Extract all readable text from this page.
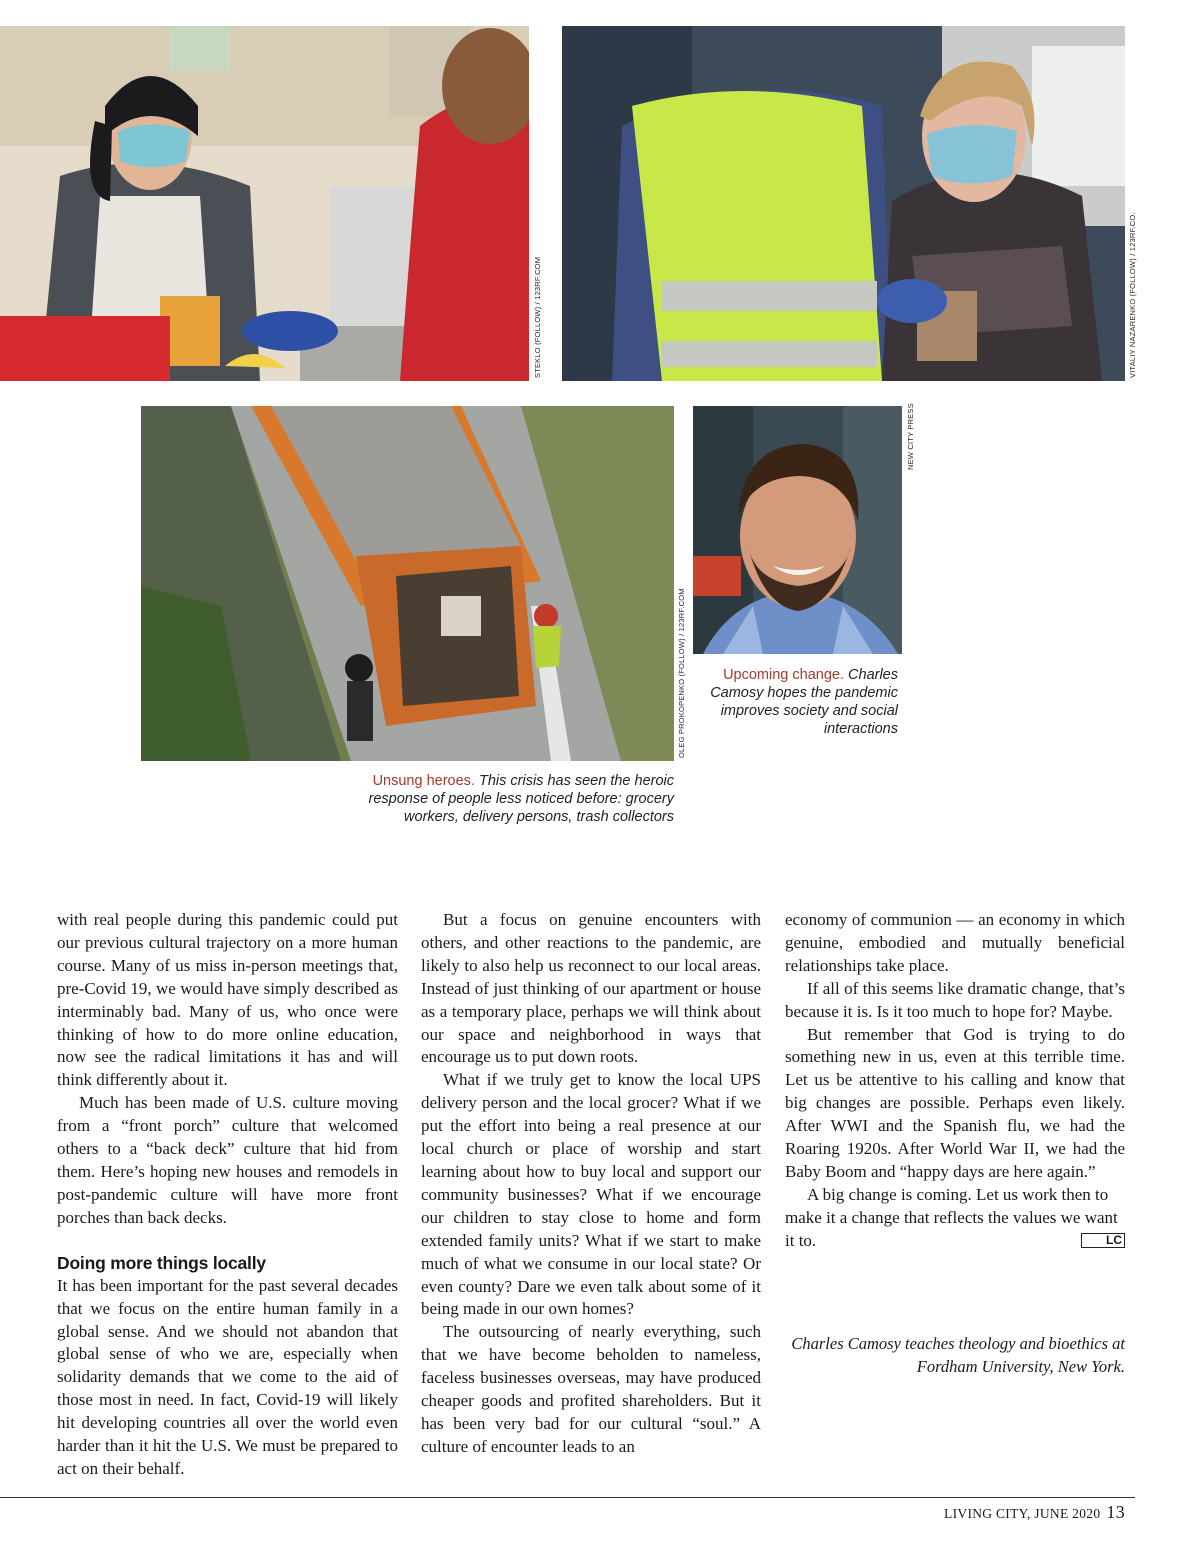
STEKLO (FOLLOW) / 123RF.COM	VITALIY NAZARENKO (FOLLOW) / 123RF.CO.
OLEG PROKOPENKO (FOLLOW) / 123RF.COM
NEW CITY PRESS
Upcoming change. Charles Camosy hopes the pandemic improves society and social interactions
Unsung heroes. This crisis has seen the heroic response of people less noticed before: grocery workers, delivery persons, trash collectors

with real people during this pandemic could put our previous cultural trajectory on a more human course. Many of us miss in-person meetings that, pre-Covid 19, we would have simply described as interminably bad. Many of us, who once were thinking of how to do more online education, now see the radical limitations it has and will think differently about it.

Much has been made of U.S. culture moving from a “front porch” culture that welcomed others to a “back deck” culture that hid from them. Here’s hoping new houses and remodels in post-pandemic culture will have more front porches than back decks.

Doing more things locally

It has been important for the past several decades that we focus on the entire human family in a global sense. And we should not abandon that global sense of who we are, especially when solidarity demands that we come to the aid of those most in need. In fact, Covid-19 will likely hit developing countries all over the world even harder than it hit the U.S. We must be prepared to act on their behalf.

But a focus on genuine encounters with others, and other reactions to the pandemic, are likely to also help us reconnect to our local areas. Instead of just thinking of our apartment or house as a temporary place, perhaps we will think about our space and neighborhood in ways that encourage us to put down roots.

What if we truly get to know the local UPS delivery person and the local grocer? What if we put the effort into being a real presence at our local church or place of worship and start learning about how to buy local and support our community businesses? What if we encourage our children to stay close to home and form extended family units? What if we start to make much of what we consume in our local state? Or even county? Dare we even talk about some of it being made in our own homes?

The outsourcing of nearly everything, such that we have become beholden to nameless, faceless businesses overseas, may have produced cheaper goods and profited shareholders. But it has been very bad for our cultural “soul.” A culture of encounter leads to an

economy of communion — an economy in which genuine, embodied and mutually beneficial relationships take place.

If all of this seems like dramatic change, that’s because it is. Is it too much to hope for? Maybe.

But remember that God is trying to do something new in us, even at this terrible time. Let us be attentive to his calling and know that big changes are possible. Perhaps even likely. After WWI and the Spanish flu, we had the Roaring 1920s. After World War II, we had the Baby Boom and “happy days are here again.”

A big change is coming. Let us work then to make it a change that reflects the values we want it to.	LC

Charles Camosy teaches theology and bioethics at Fordham University, New York.
LIVING CITY, JUNE 2020 13
